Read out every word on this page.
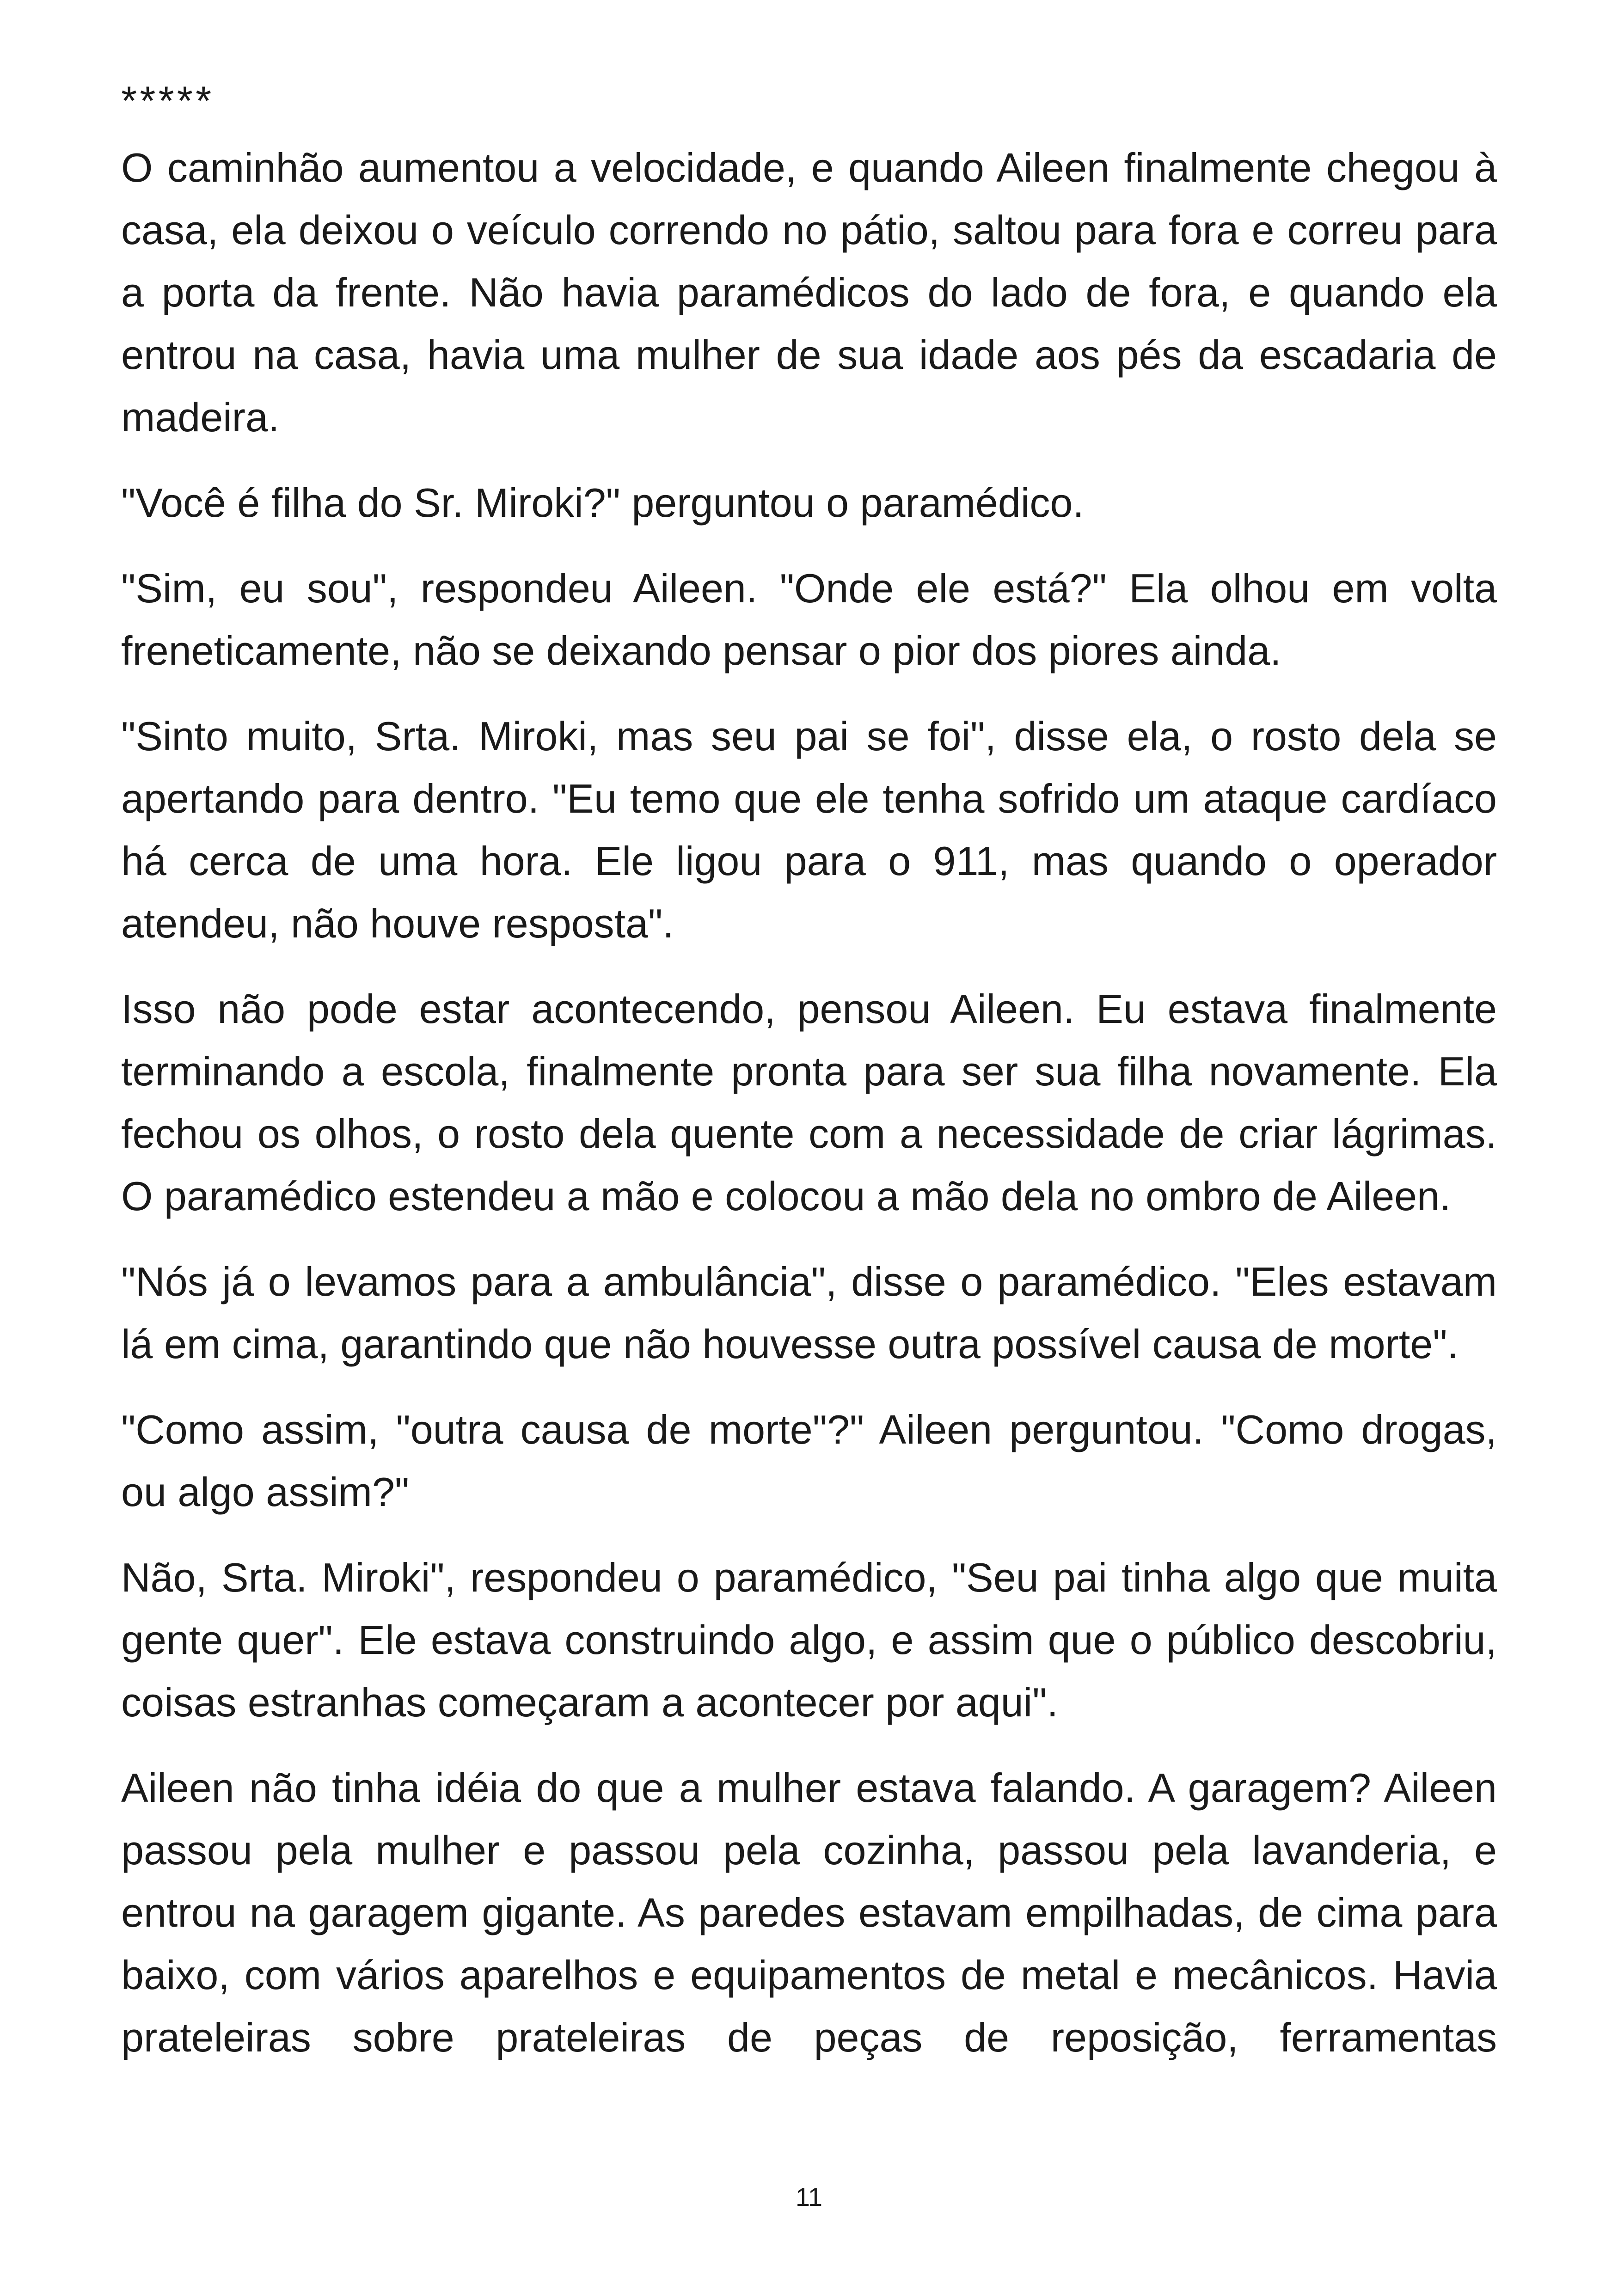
*****

O caminhão aumentou a velocidade, e quando Aileen finalmente chegou à casa, ela deixou o veículo correndo no pátio, saltou para fora e correu para a porta da frente. Não havia paramédicos do lado de fora, e quando ela entrou na casa, havia uma mulher de sua idade aos pés da escadaria de madeira.

"Você é filha do Sr. Miroki?" perguntou o paramédico.

"Sim, eu sou", respondeu Aileen. "Onde ele está?" Ela olhou em volta freneticamente, não se deixando pensar o pior dos piores ainda.

"Sinto muito, Srta. Miroki, mas seu pai se foi", disse ela, o rosto dela se apertando para dentro. "Eu temo que ele tenha sofrido um ataque cardíaco há cerca de uma hora. Ele ligou para o 911, mas quando o operador atendeu, não houve resposta".

Isso não pode estar acontecendo, pensou Aileen. Eu estava finalmente terminando a escola, finalmente pronta para ser sua filha novamente. Ela fechou os olhos, o rosto dela quente com a necessidade de criar lágrimas. O paramédico estendeu a mão e colocou a mão dela no ombro de Aileen.

"Nós já o levamos para a ambulância", disse o paramédico. "Eles estavam lá em cima, garantindo que não houvesse outra possível causa de morte".

"Como assim, "outra causa de morte"?" Aileen perguntou. "Como drogas, ou algo assim?"

Não, Srta. Miroki", respondeu o paramédico, "Seu pai tinha algo que muita gente quer". Ele estava construindo algo, e assim que o público descobriu, coisas estranhas começaram a acontecer por aqui".

Aileen não tinha idéia do que a mulher estava falando. A garagem? Aileen passou pela mulher e passou pela cozinha, passou pela lavanderia, e entrou na garagem gigante. As paredes estavam empilhadas, de cima para baixo, com vários aparelhos e equipamentos de metal e mecânicos. Havia prateleiras sobre prateleiras de peças de reposição, ferramentas

11
